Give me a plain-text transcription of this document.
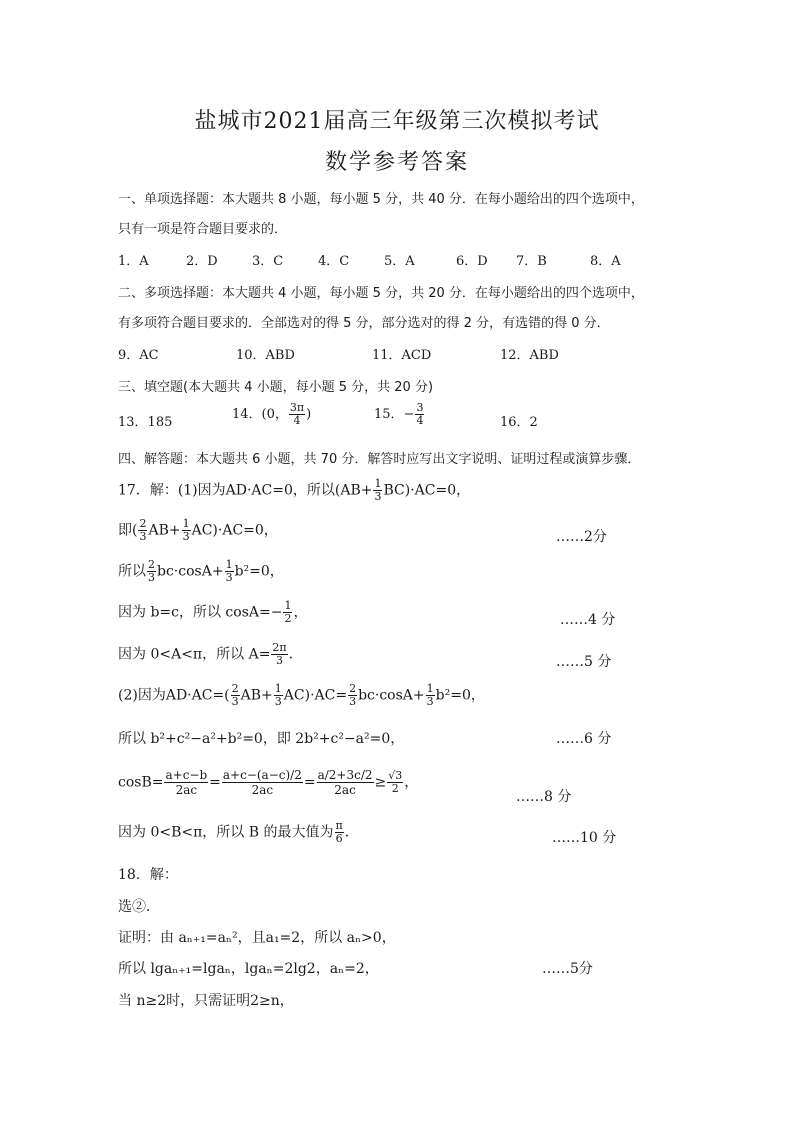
盐城市2021届高三年级第三次模拟考试
数学参考答案
一、单项选择题：本大题共 8 小题，每小题 5 分，共 40 分．在每小题给出的四个选项中，
只有一项是符合题目要求的．
1．A	2．D	3．C	4．C	5．A	6．D 7．B	8．A
二、多项选择题：本大题共 4 小题，每小题 5 分，共 20 分．在每小题给出的四个选项中，
有多项符合题目要求的．全部选对的得 5 分，部分选对的得 2 分，有选错的得 0 分．
9．AC	10．ABD	11．ACD	12．ABD
三、填空题(本大题共 4 小题，每小题 5 分，共 20 分)
13．185
14．(0， $\frac{3\pi}{4}$ )	15．− $\frac{3}{4}$	16．2
四、解答题：本大题共 6 小题，共 70 分．解答时应写出文字说明、证明过程或演算步骤．
17．解：(1)因为AD·AC=0，所以$(AB+ \frac{1}{3} BC)\cdot AC=0$，
即( $\frac{2}{3} AB+ \frac{1}{3} AC)\cdot AC=0$，	……2分
所以 $\frac{2}{3} bc\cdot\cos A+ \frac{1}{3} b^2=0$，
因为 b=c，所以 $\cos A=- \frac{1}{2}$ ，	……4 分
因为 0<A<π，所以 $A= \frac{2\pi}{3}$ ．	……5 分
(2)因为$AD\cdot AC=( \frac{2}{3} AB+ \frac{1}{3} AC)\cdot AC= \frac{2}{3} bc\cdot\cos A+ \frac{1}{3} b^2=0$，
所以 b²+c²−a²+b²=0，即 2b²+c²−a²=0，	……6 分
$\cos B= \frac{a+c-b}{2ac} = \frac{a+c-(a-c)/2}{2ac} = \frac{a/2+3c/2}{2ac} \ge \frac{√3}{2}$ ，
……8 分
因为 0<B<π，所以 B 的最大值为 $\frac{\pi}{6}$ ．	……10 分
18．解：
选②．
证明：由 aₙ₊₁=aₙ²，且a₁=2，所以 aₙ>0，
所以 lgaₙ₊₁=lgaₙ，lgaₙ=2lg2，aₙ=2，	……5分
当 n≥2时，只需证明2≥n，
